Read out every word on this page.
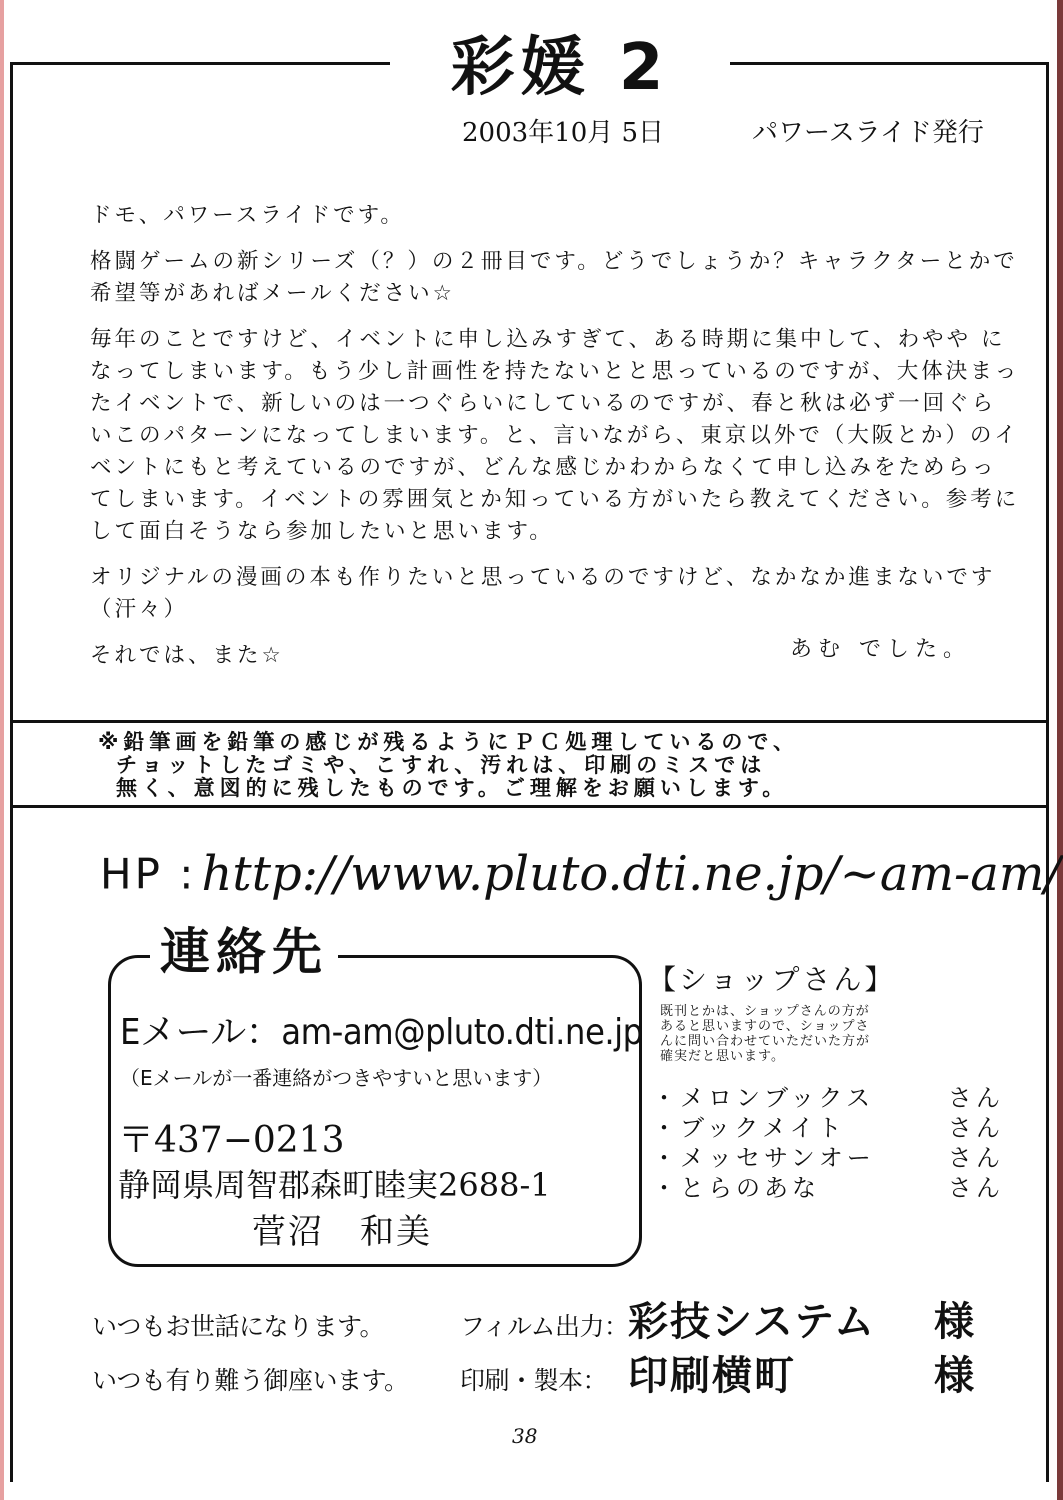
彩媛 2
2003年10月 5日	パワースライド発行

ドモ、パワースライドです。

格闘ゲームの新シリーズ（？）の２冊目です。どうでしょうか？キャラクターとかで希望等があればメールください☆

毎年のことですけど、イベントに申し込みすぎて、ある時期に集中して、わやや になってしまいます。もう少し計画性を持たないとと思っているのですが、大体決まったイベントで、新しいのは一つぐらいにしているのですが、春と秋は必ず一回ぐらいこのパターンになってしまいます。と、言いながら、東京以外で（大阪とか）のイベントにもと考えているのですが、どんな感じかわからなくて申し込みをためらってしまいます。イベントの雰囲気とか知っている方がいたら教えてください。参考にして面白そうなら参加したいと思います。

オリジナルの漫画の本も作りたいと思っているのですけど、なかなか進まないです（汗々）

それでは、また☆	あむ でした。
※鉛筆画を鉛筆の感じが残るようにＰＣ処理しているので、
チョットしたゴミや、こすれ、汚れは、印刷のミスでは
無く、意図的に残したものです。ご理解をお願いします。
HP : http://www.pluto.dti.ne.jp/~am-am/
連絡先
Eメール：am-am@pluto.dti.ne.jp
（Eメールが一番連絡がつきやすいと思います）
〒437−0213
静岡県周智郡森町睦実2688-1
菅沼　和美
【ショップさん】
既刊とかは、ショップさんの方が
あると思いますので、ショップさ
んに問い合わせていただいた方が
確実だと思います。
・メロンブックス	さん
・ブックメイト	さん
・メッセサンオー	さん
・とらのあな	さん
いつもお世話になります。	フィルム出力：彩技システム 様
いつも有り難う御座います。 印刷・製本： 印刷横町	様
38
